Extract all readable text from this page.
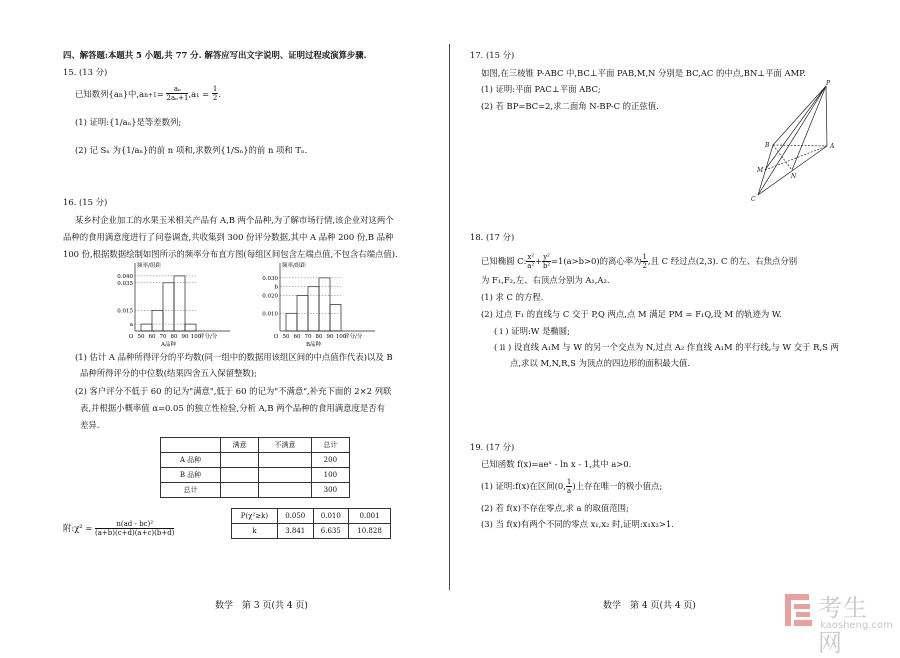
四、解答题:本题共 5 小题,共 77 分. 解答应写出文字说明、证明过程或演算步骤.
15. (13 分)
已知数列{an}中$,an+1= \frac{\text{aₙ}}{\text{2aₙ+1}} ,a_1 = \frac{1}{2}$ .
(1) 证明:{1/aₙ}是等差数列;
(2) 记 Sₙ 为{1/aₙ}的前 n 项和,求数列{1/Sₙ}的前 n 项和 Tₙ.
16. (15 分)
某乡村企业加工的水果玉米相关产品有 A,B 两个品种,为了解市场行情,该企业对这两个
品种的食用满意度进行了问卷调查,共收集到 300 份评分数据,其中 A 品种 200 份,B 品种
100 份,根据数据绘制如图所示的频率分布直方图(每组区间包含左端点值,不包含右端点值).
频率/组距
0.040
0.035
0.015
a
O 50 60 70 80 90 100
评分/分
A品种
频率/组距
0.030
b
0.020
0.010
O 50 60 70 80 90 100
评分/分
B品种
(1) 估计 A 品种所得评分的平均数(同一组中的数据用该组区间的中点值作代表)以及 B
品种所得评分的中位数(结果四舍五入保留整数);
(2) 客户评分不低于 60 的记为"满意",低于 60 的记为"不满意",补充下面的 2×2 列联
表,并根据小概率值 α=0.05 的独立性检验,分析 A,B 两个品种的食用满意度是否有
差异.
	满意	不满意	总计
A 品种			200
B 品种			100
总计			300
附:χ² = $\frac{\text{n(ad - bc)²}}{(a+b)(c+d)(a+c)(b+d)}$
P(χ²≥k)	0.050	0.010	0.001
k	3.841	6.635	10.828
数学　第 3 页(共 4 页)
17. (15 分)
如图,在三棱锥 P-ABC 中,BC⊥平面 PAB,M,N 分别是 BC,AC 的中点,BN⊥平面 AMP.
(1) 证明:平面 PAC⊥平面 ABC;
(2) 若 BP=BC=2,求二面角 N-BP-C 的正弦值.
P
B	A
M
N
C
18. (17 分)
已知椭圆 C: $\frac{\text{x²}}{\text{a²}} + \frac{\text{y²}}{\text{b²}} =1(a>b>0)$的离心率为 $\frac{1}{2}$ ,且 C 经过点(2,3). C 的左、右焦点分别
为 F₁,F₂,左、右顶点分别为 A₁,A₂.
(1) 求 C 的方程.
(2) 过点 F₁ 的直线与 C 交于 P,Q 两点,点 M 满足 PM = F₁Q,设 M 的轨迹为 W.
( ⅰ ) 证明:W 是椭圆;
( ⅱ ) 设直线 A₁M 与 W 的另一个交点为 N,过点 A₂ 作直线 A₁M 的平行线,与 W 交于 R,S 两
点,求以 M,N,R,S 为顶点的四边形的面积最大值.
19. (17 分)
已知函数 f(x)=aeˣ - ln x - 1,其中 a>0.
(1) 证明:f(x)在区间(0, $\frac{1}{a}$ )上存在唯一的极小值点;
(2) 若 f(x)不存在零点,求 a 的取值范围;
(3) 当 f(x)有两个不同的零点 x₁,x₂ 时,证明:x₁x₂>1.
数学　第 4 页(共 4 页)	考生网
kaosheng.com
